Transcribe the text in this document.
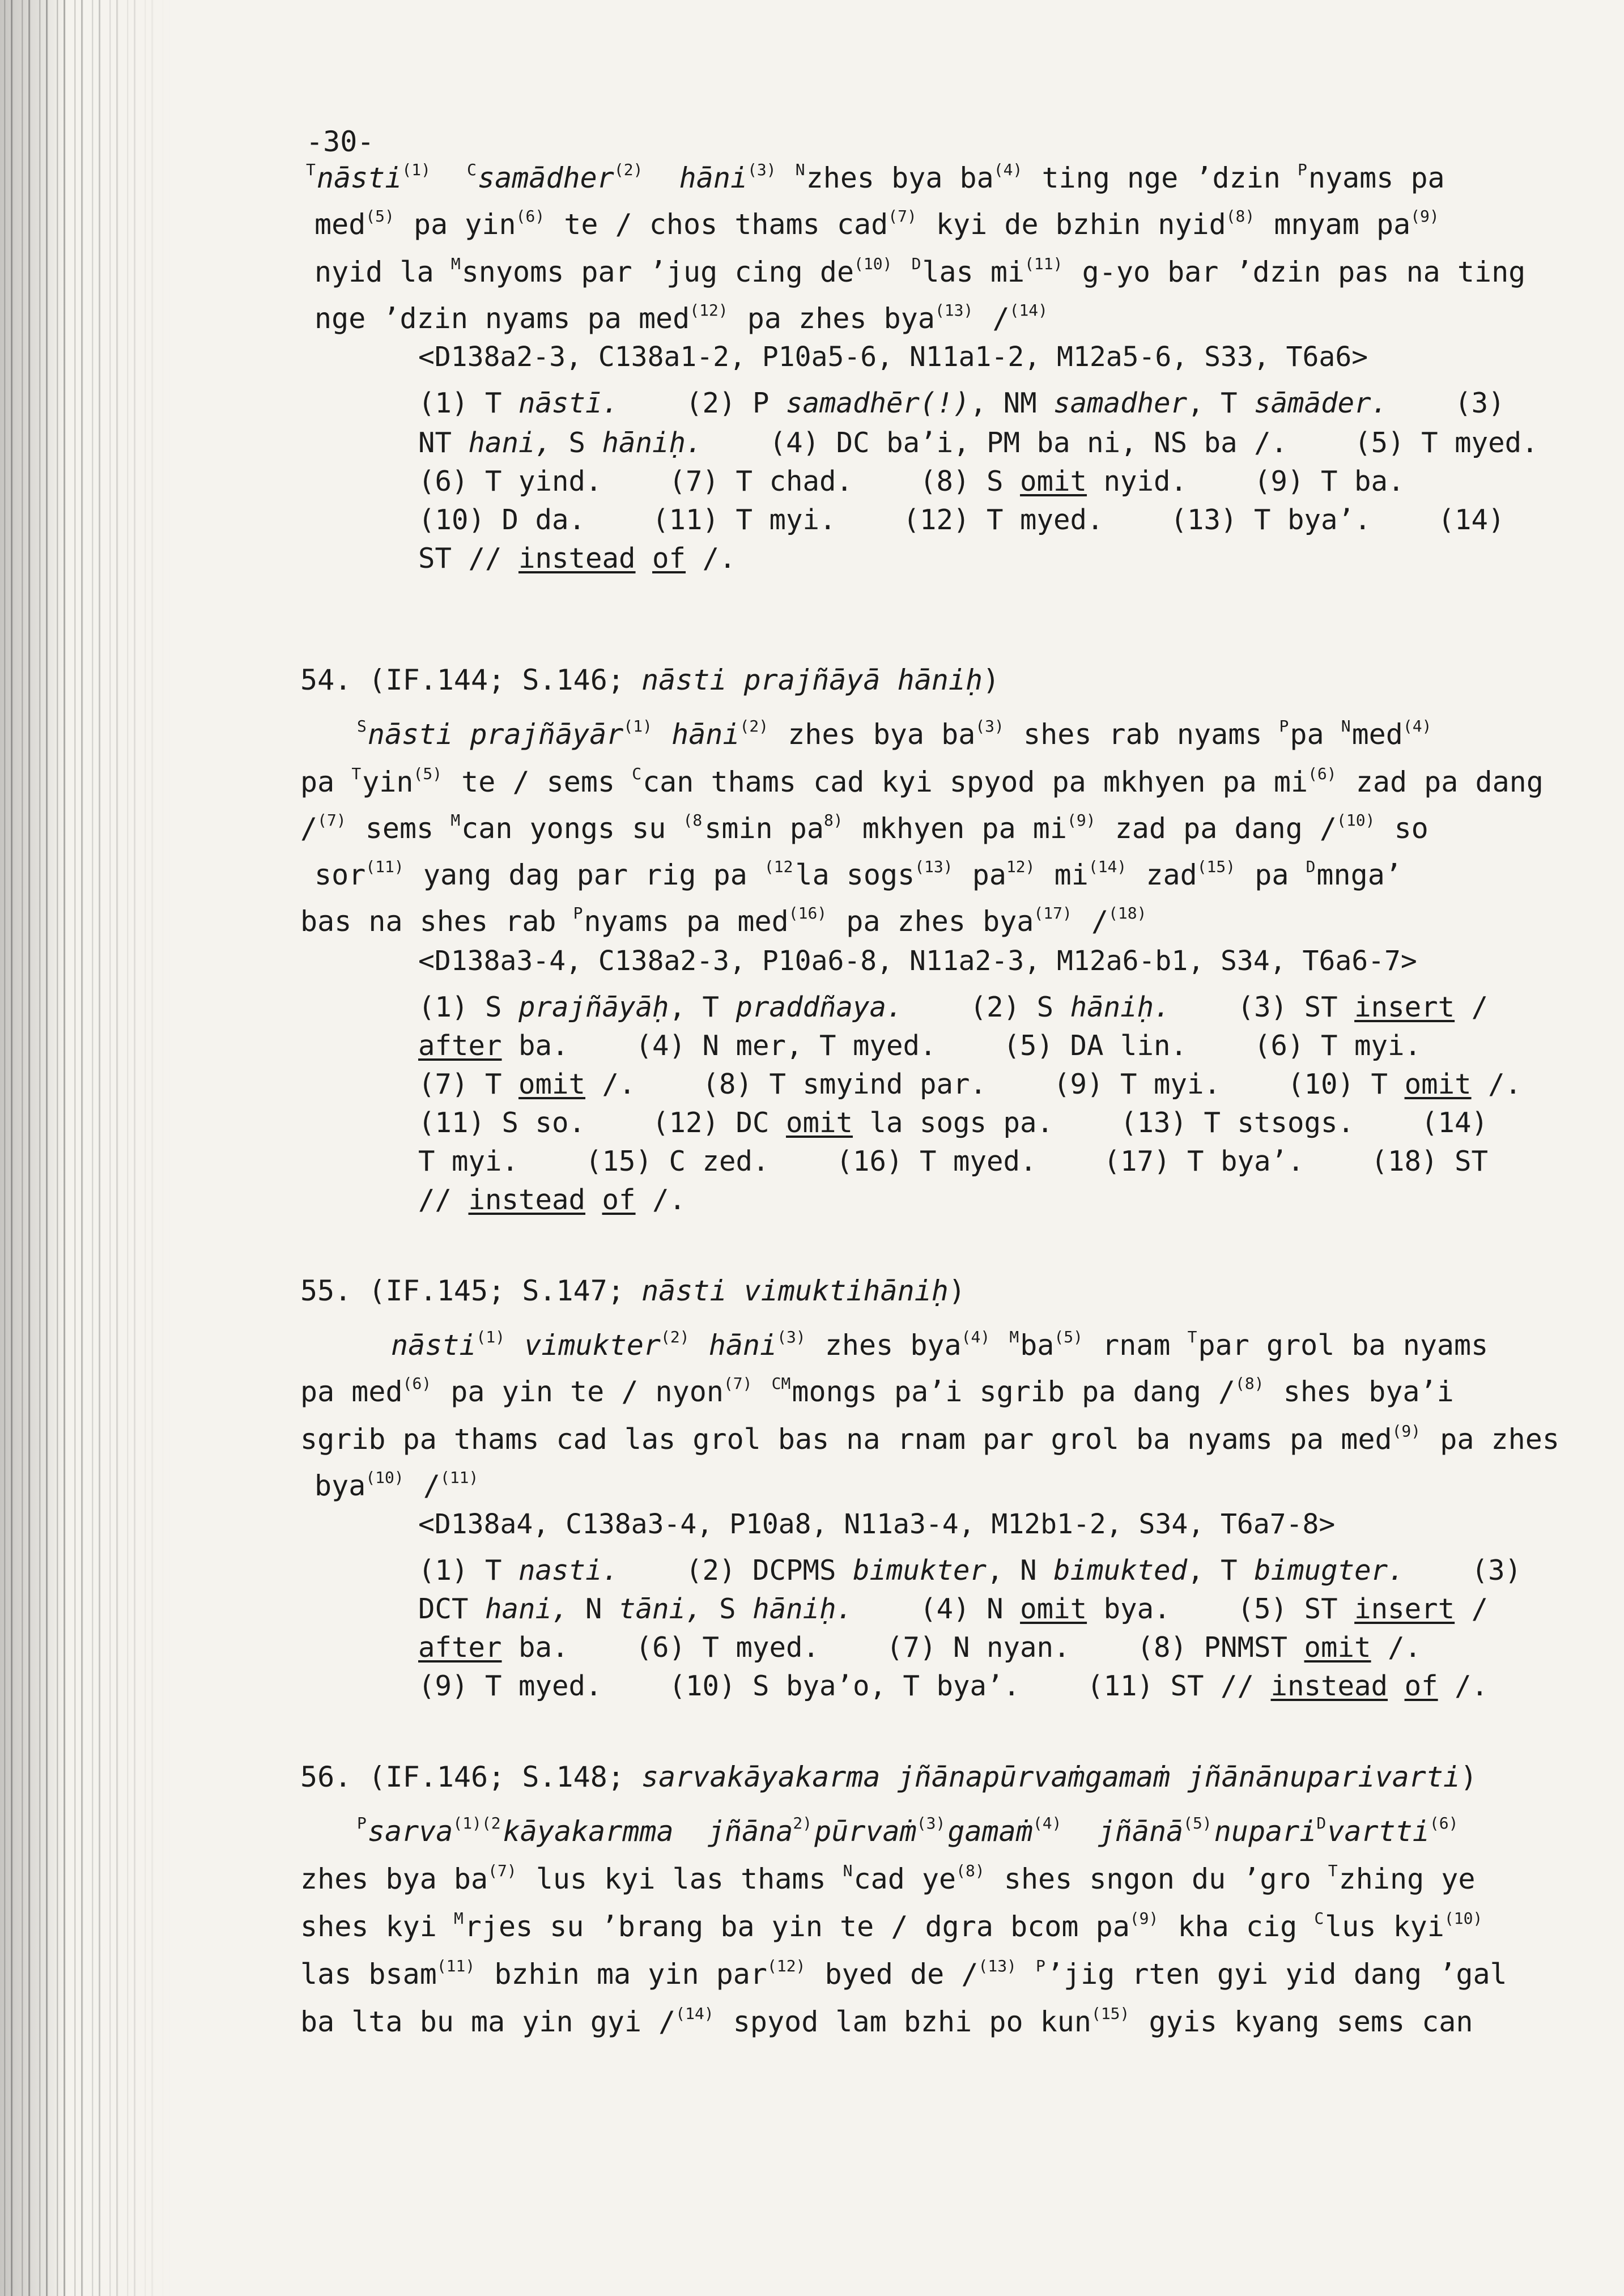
-30-
$^T$nāsti$^{(1)}$ $^C$samādher$^{(2)}$ hāni$^{(3)}$ $^N$zhes bya $ba^{(4)}$ ting nge ’dzin $^P$nyams pa
med$^{(5)}$ pa yin$^{(6)}$ te / chos thams cad$^{(7)}$ kyi de bzhin nyid$^{(8)}$ mnyam $pa^{(9)}$
nyid la $^M$snyoms par ’jug cing $de^{(10)}$ $^D$las $mi^{(11)}$ g-yo bar ’dzin pas na ting
nge ’dzin nyams pa med$^{(12)}$ pa zhes bya$^{(13)}$ /$^{(14)}$
<D138a2-3, C138a1-2, P10a5-6, N11a1-2, M12a5-6, S33, T6a6>
(1) T nāstī.    (2) P samadhēr(!), NM samadher, T sāmāder.    (3)
NT hani, S hāniḥ.    (4) DC ba’i, PM ba ni, NS ba /.    (5) T myed.
(6) T yind.    (7) T chad.    (8) S omit nyid.    (9) T ba.
(10) D da.    (11) T myi.    (12) T myed.    (13) T bya’.    (14)
ST // instead of /.
54. (IF.144; S.146; nāsti prajñāyā hāniḥ)
$^S$nāsti prajñāyār$^{(1)}$ hāni$^{(2)}$ zhes bya $ba^{(3)}$ shes rab nyams $^P$pa $^N$med$^{(4)}$
pa $^T$yin$^{(5)}$ te / sems $^C$can thams cad kyi spyod pa mkhyen pa $mi^{(6)}$ zad pa dang
/$^{(7)}$ sems $^M$can yongs su $^{(8}$smin $pa^{8)}$ mkhyen pa $mi^{(9)}$ zad pa dang /$^{(10)}$ so
sor$^{(11)}$ yang dag par rig pa $^{(12}$la sogs$^{(13)}$ $pa^{12)}$ $mi^{(14)}$ zad$^{(15)}$ pa $^D$mnga’
bas na shes rab $^P$nyams pa med$^{(16)}$ pa zhes bya$^{(17)}$ /$^{(18)}$
<D138a3-4, C138a2-3, P10a6-8, N11a2-3, M12a6-b1, S34, T6a6-7>
(1) S prajñāyāḥ, T praddñaya.    (2) S hāniḥ.    (3) ST insert /
after ba.    (4) N mer, T myed.    (5) DA lin.    (6) T myi.
(7) T omit /.    (8) T smyind par.    (9) T myi.    (10) T omit /.
(11) S so.    (12) DC omit la sogs pa.    (13) T stsogs.    (14)
T myi.    (15) C zed.    (16) T myed.    (17) T bya’.    (18) ST
// instead of /.
55. (IF.145; S.147; nāsti vimuktihāniḥ)
nāsti$^{(1)}$ vimukter$^{(2)}$ hāni$^{(3)}$ zhes bya$^{(4)}$ $^Mba^{(5)}$ rnam $^T$par grol ba nyams
pa med$^{(6)}$ pa yin te / nyon$^{(7)}$ $^{CM}$mongs pa’i sgrib pa dang /$^{(8)}$ shes bya’i
sgrib pa thams cad las grol bas na rnam par grol ba nyams pa med$^{(9)}$ pa zhes
bya$^{(10)}$ /$^{(11)}$
<D138a4, C138a3-4, P10a8, N11a3-4, M12b1-2, S34, T6a7-8>
(1) T nasti.    (2) DCPMS bimukter, N bimukted, T bimugter.    (3)
DCT hani, N tāni, S hāniḥ.    (4) N omit bya.    (5) ST insert /
after ba.    (6) T myed.    (7) N nyan.    (8) PNMST omit /.
(9) T myed.    (10) S bya’o, T bya’.    (11) ST // instead of /.
56. (IF.146; S.148; sarvakāyakarma jñānapūrvaṁgamaṁ jñānānuparivarti)
$^P$sarva$^{(1)(2}$kāyakarmma  jñāna$^{2)}$pūrvaṁ$^{(3)}$gamaṁ$^{(4)}$ jñānā$^{(5)}$nupari$^D$vartti$^{(6)}$
zhes bya $ba^{(7)}$ lus kyi las thams $^N$cad $ye^{(8)}$ shes sngon du ’gro $^T$zhing ye
shes kyi $^M$rjes su ’brang ba yin te / dgra bcom $pa^{(9)}$ kha cig $^C$lus kyi$^{(10)}$
las bsam$^{(11)}$ bzhin ma yin par$^{(12)}$ byed de /$^{(13)}$ $^P$’jig rten gyi yid dang ’gal
ba lta bu ma yin gyi /$^{(14)}$ spyod lam bzhi po kun$^{(15)}$ gyis kyang sems can
